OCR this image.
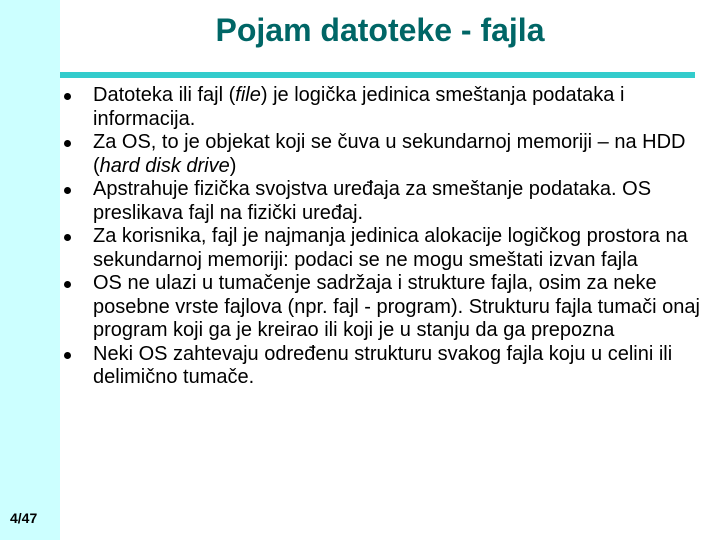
Pojam datoteke - fajla
Datoteka ili fajl (file) je logička jedinica smeštanja podataka i informacija.
Za OS, to je objekat koji se čuva u sekundarnoj memoriji – na HDD (hard disk drive)
Apstrahuje fizička svojstva uređaja za smeštanje podataka. OS preslikava fajl na fizički uređaj.
Za korisnika, fajl je najmanja jedinica alokacije logičkog prostora na sekundarnoj memoriji: podaci se ne mogu smeštati izvan fajla
OS ne ulazi u tumačenje sadržaja i strukture fajla, osim za neke posebne vrste fajlova (npr. fajl - program). Strukturu fajla tumači onaj program koji ga je kreirao ili koji je u stanju da ga prepozna
Neki OS zahtevaju određenu strukturu svakog fajla koju u celini ili delimično tumače.
4/47
